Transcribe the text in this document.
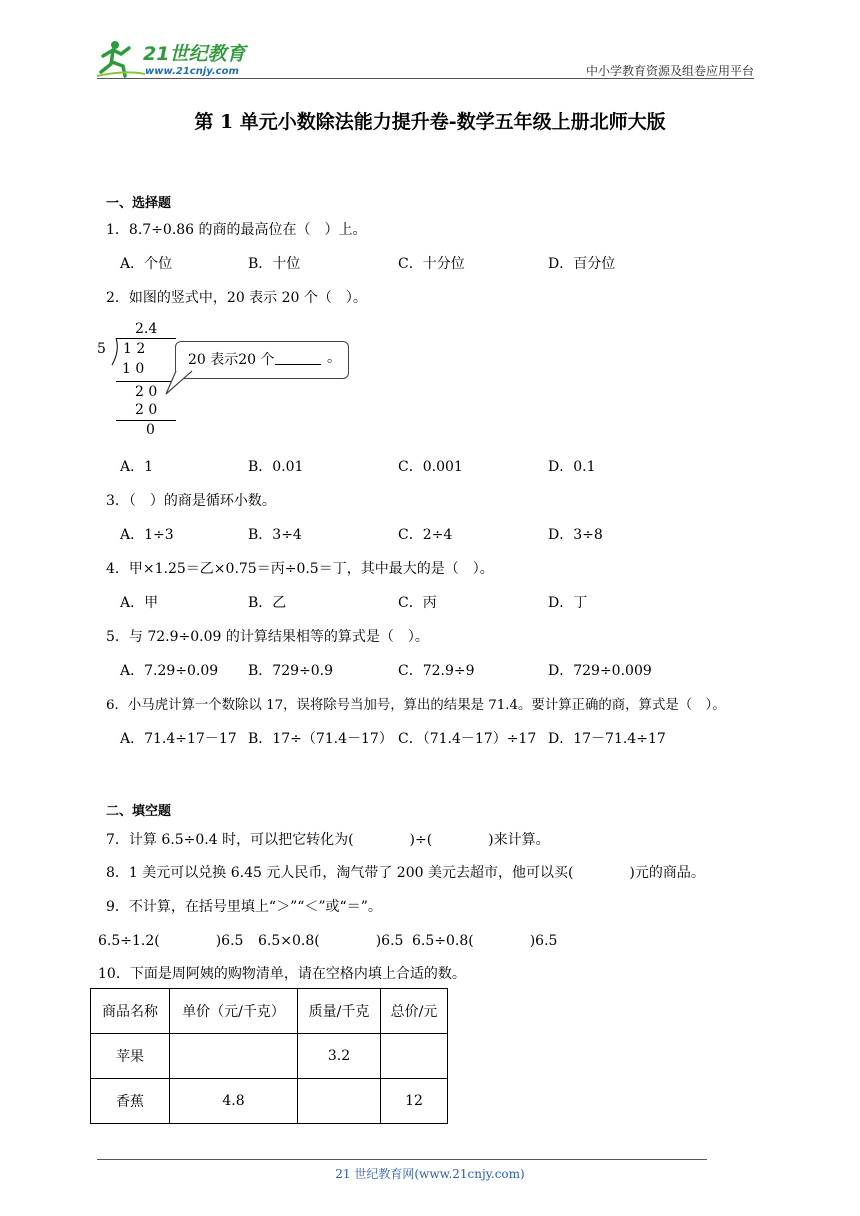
21世纪教育
www.21cnjy.com	中小学教育资源及组卷应用平台
第 1 单元小数除法能力提升卷-数学五年级上册北师大版
一、选择题
1．8.7÷0.86 的商的最高位在（　）上。
A．个位	B．十位	C．十分位	D．百分位
2．如图的竖式中，20 表示 20 个（　）。
2.4
5 1 2
1 0
2 0
2 0
0
20 表示20 个	。
A．1	B．0.01	C．0.001	D．0.1
3．（　）的商是循环小数。
A．1÷3	B．3÷4	C．2÷4	D．3÷8
4．甲×1.25＝乙×0.75＝丙÷0.5＝丁，其中最大的是（　）。
A．甲	B．乙	C．丙	D．丁
5．与 72.9÷0.09 的计算结果相等的算式是（　）。
A．7.29÷0.09 B．729÷0.9	C．72.9÷9	D．729÷0.009
6．小马虎计算一个数除以 17，误将除号当加号，算出的结果是 71.4。要计算正确的商，算式是（　）。
A．71.4÷17－17 B．17÷（71.4－17） C．（71.4－17）÷17 D．17－71.4÷17
二、填空题
7．计算 6.5÷0.4 时，可以把它转化为(　　　　)÷(　　　　)来计算。
8．1 美元可以兑换 6.45 元人民币，淘气带了 200 美元去超市，他可以买(　　　　)元的商品。
9．不计算，在括号里填上“＞”“＜”或“＝”。
6.5÷1.2(　　　　)6.5 6.5×0.8(　　　　)6.5 6.5÷0.8(　　　　)6.5
10．下面是周阿姨的购物清单，请在空格内填上合适的数。
商品名称	单价（元/千克）	质量/千克	总价/元
苹果		3.2	
香蕉	4.8		12
21 世纪教育网(www.21cnjy.com)
